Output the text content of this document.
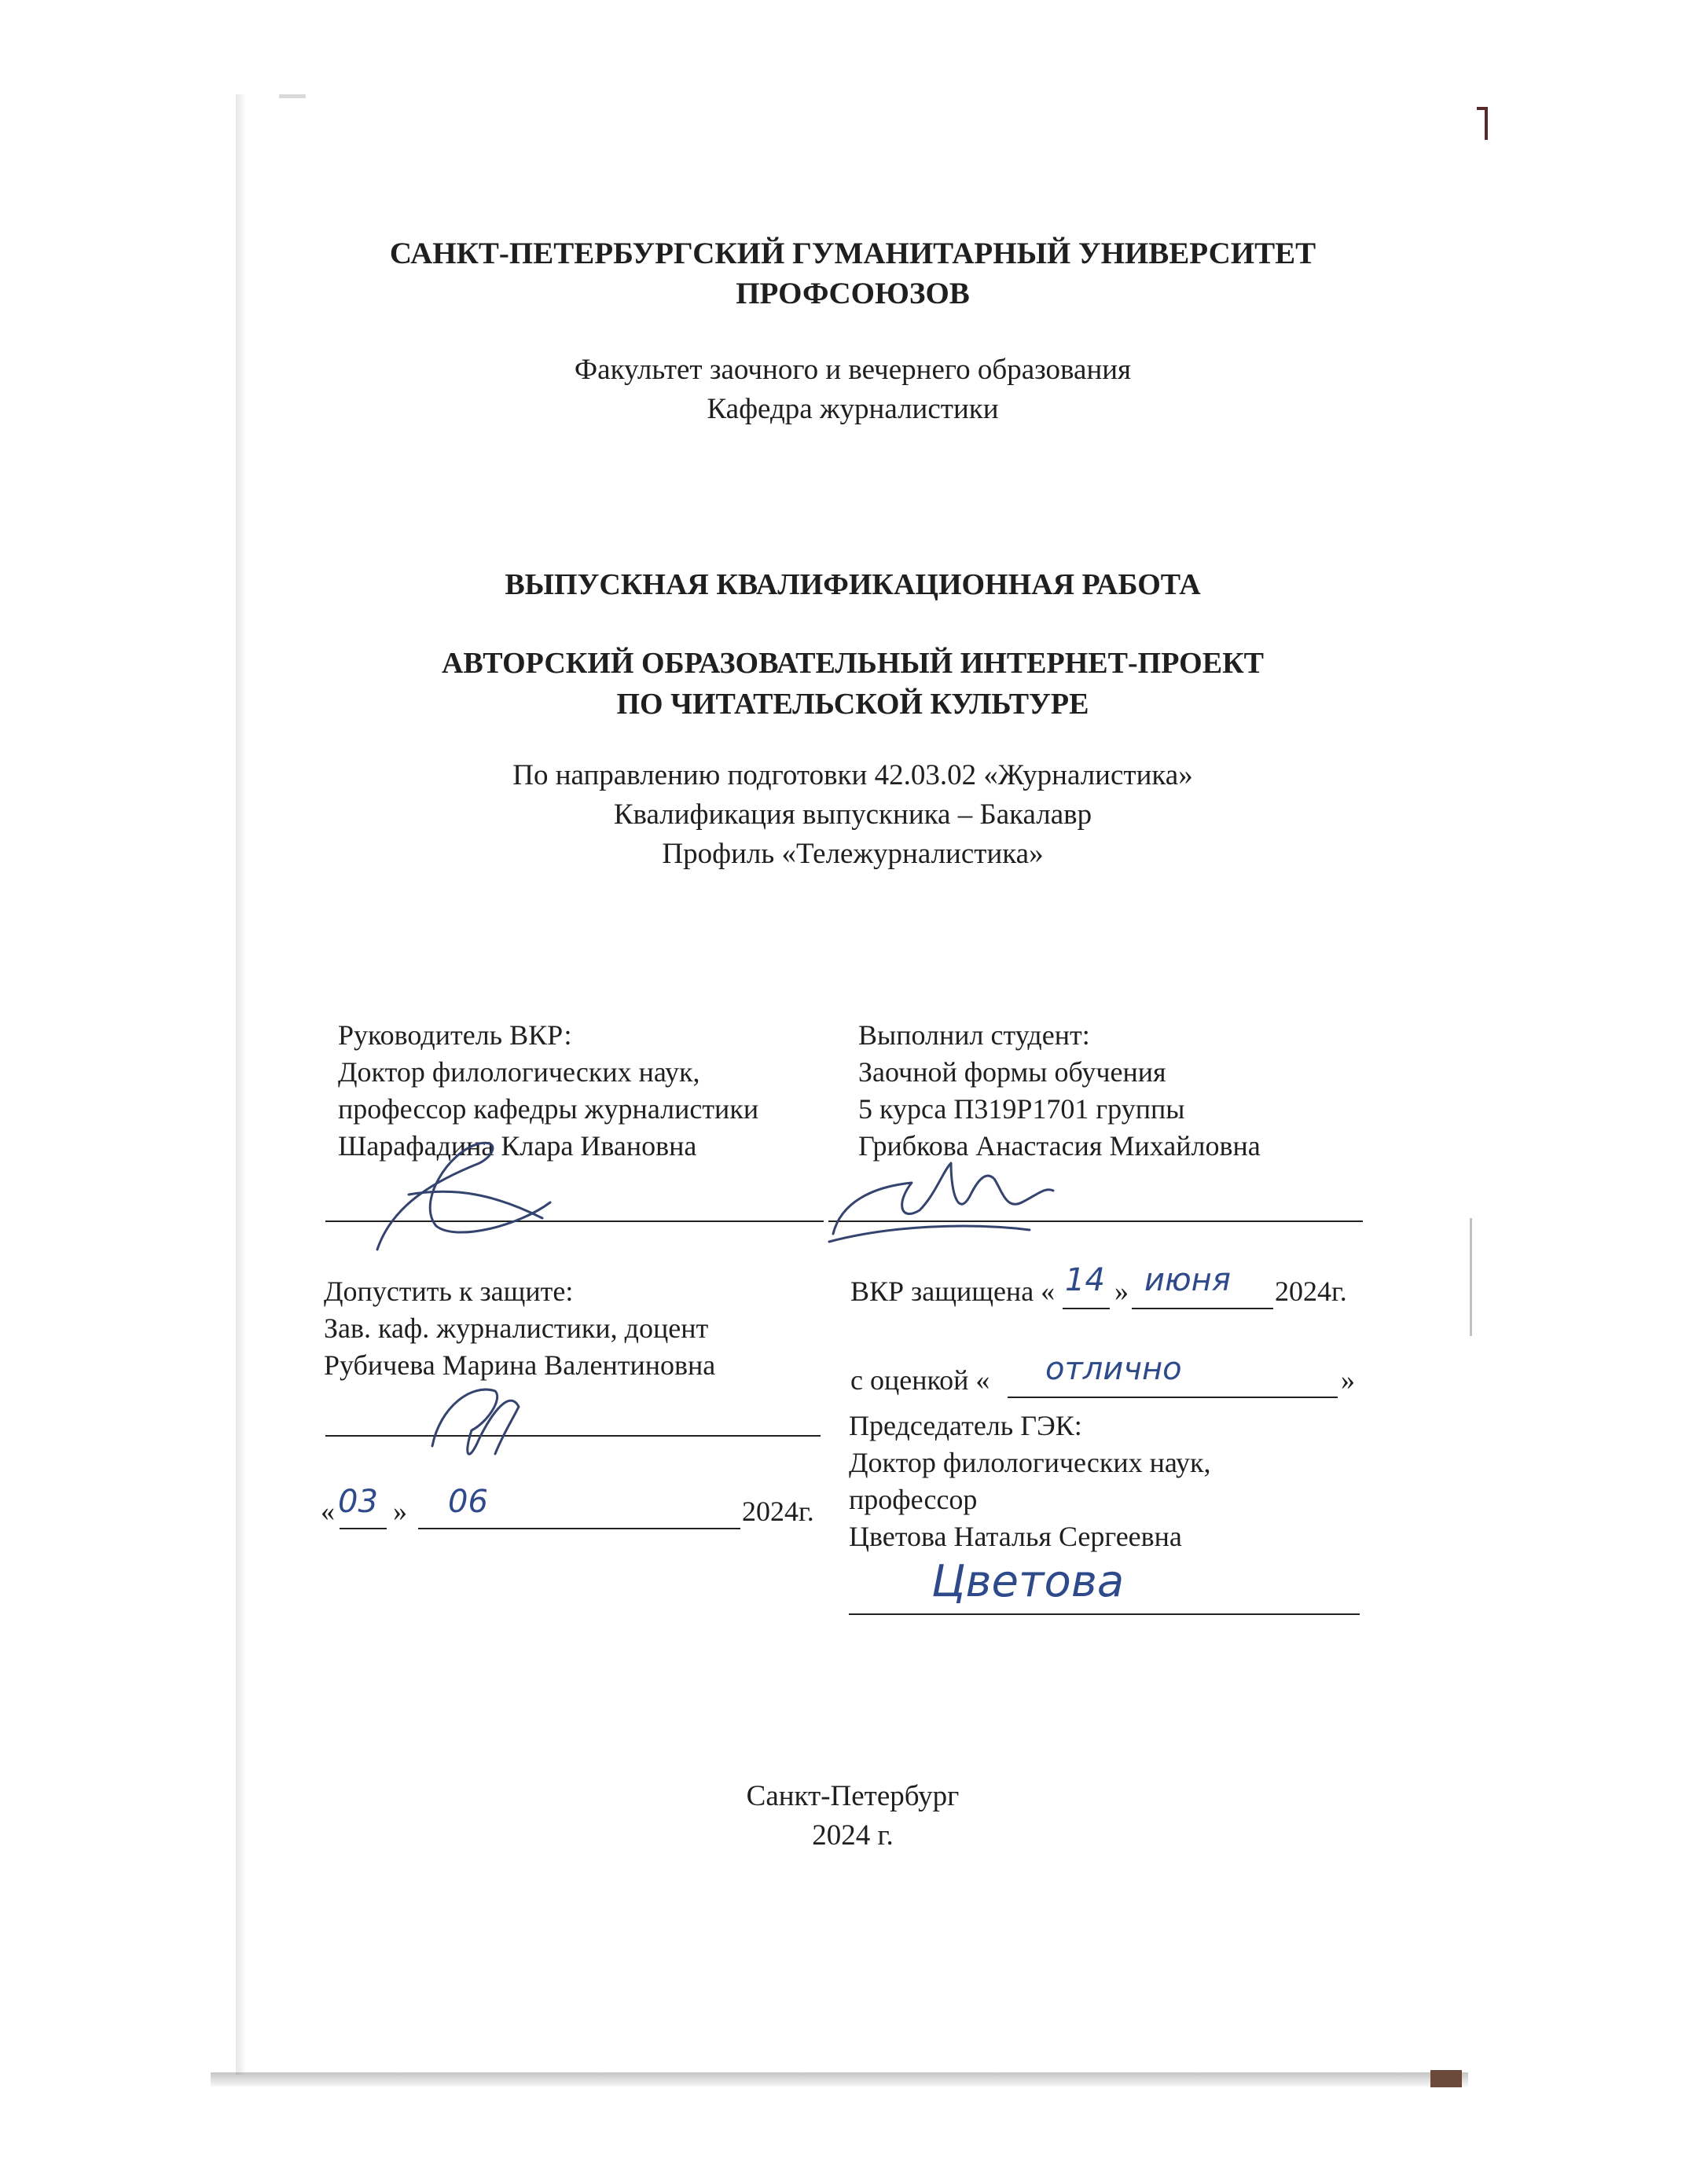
САНКТ-ПЕТЕРБУРГСКИЙ ГУМАНИТАРНЫЙ УНИВЕРСИТЕТ
ПРОФСОЮЗОВ
Факультет заочного и вечернего образования
Кафедра журналистики
ВЫПУСКНАЯ КВАЛИФИКАЦИОННАЯ РАБОТА
АВТОРСКИЙ ОБРАЗОВАТЕЛЬНЫЙ ИНТЕРНЕТ-ПРОЕКТ
ПО ЧИТАТЕЛЬСКОЙ КУЛЬТУРЕ
По направлению подготовки 42.03.02 «Журналистика»
Квалификация выпускника – Бакалавр
Профиль «Тележурналистика»
Руководитель ВКР:
Доктор филологических наук,
профессор кафедры журналистики
Шарафадина Клара Ивановна
Выполнил студент:
Заочной формы обучения
5 курса П319Р1701 группы
Грибкова Анастасия Михайловна
Допустить к защите:
Зав. каф. журналистики, доцент
Рубичева Марина Валентиновна
« 03 » 06	2024г.
ВКР защищена « 14 » июня 2024г.
с оценкой « отлично	»
Председатель ГЭК:
Доктор филологических наук,
профессор
Цветова Наталья Сергеевна
Цветова
Санкт-Петербург
2024 г.
